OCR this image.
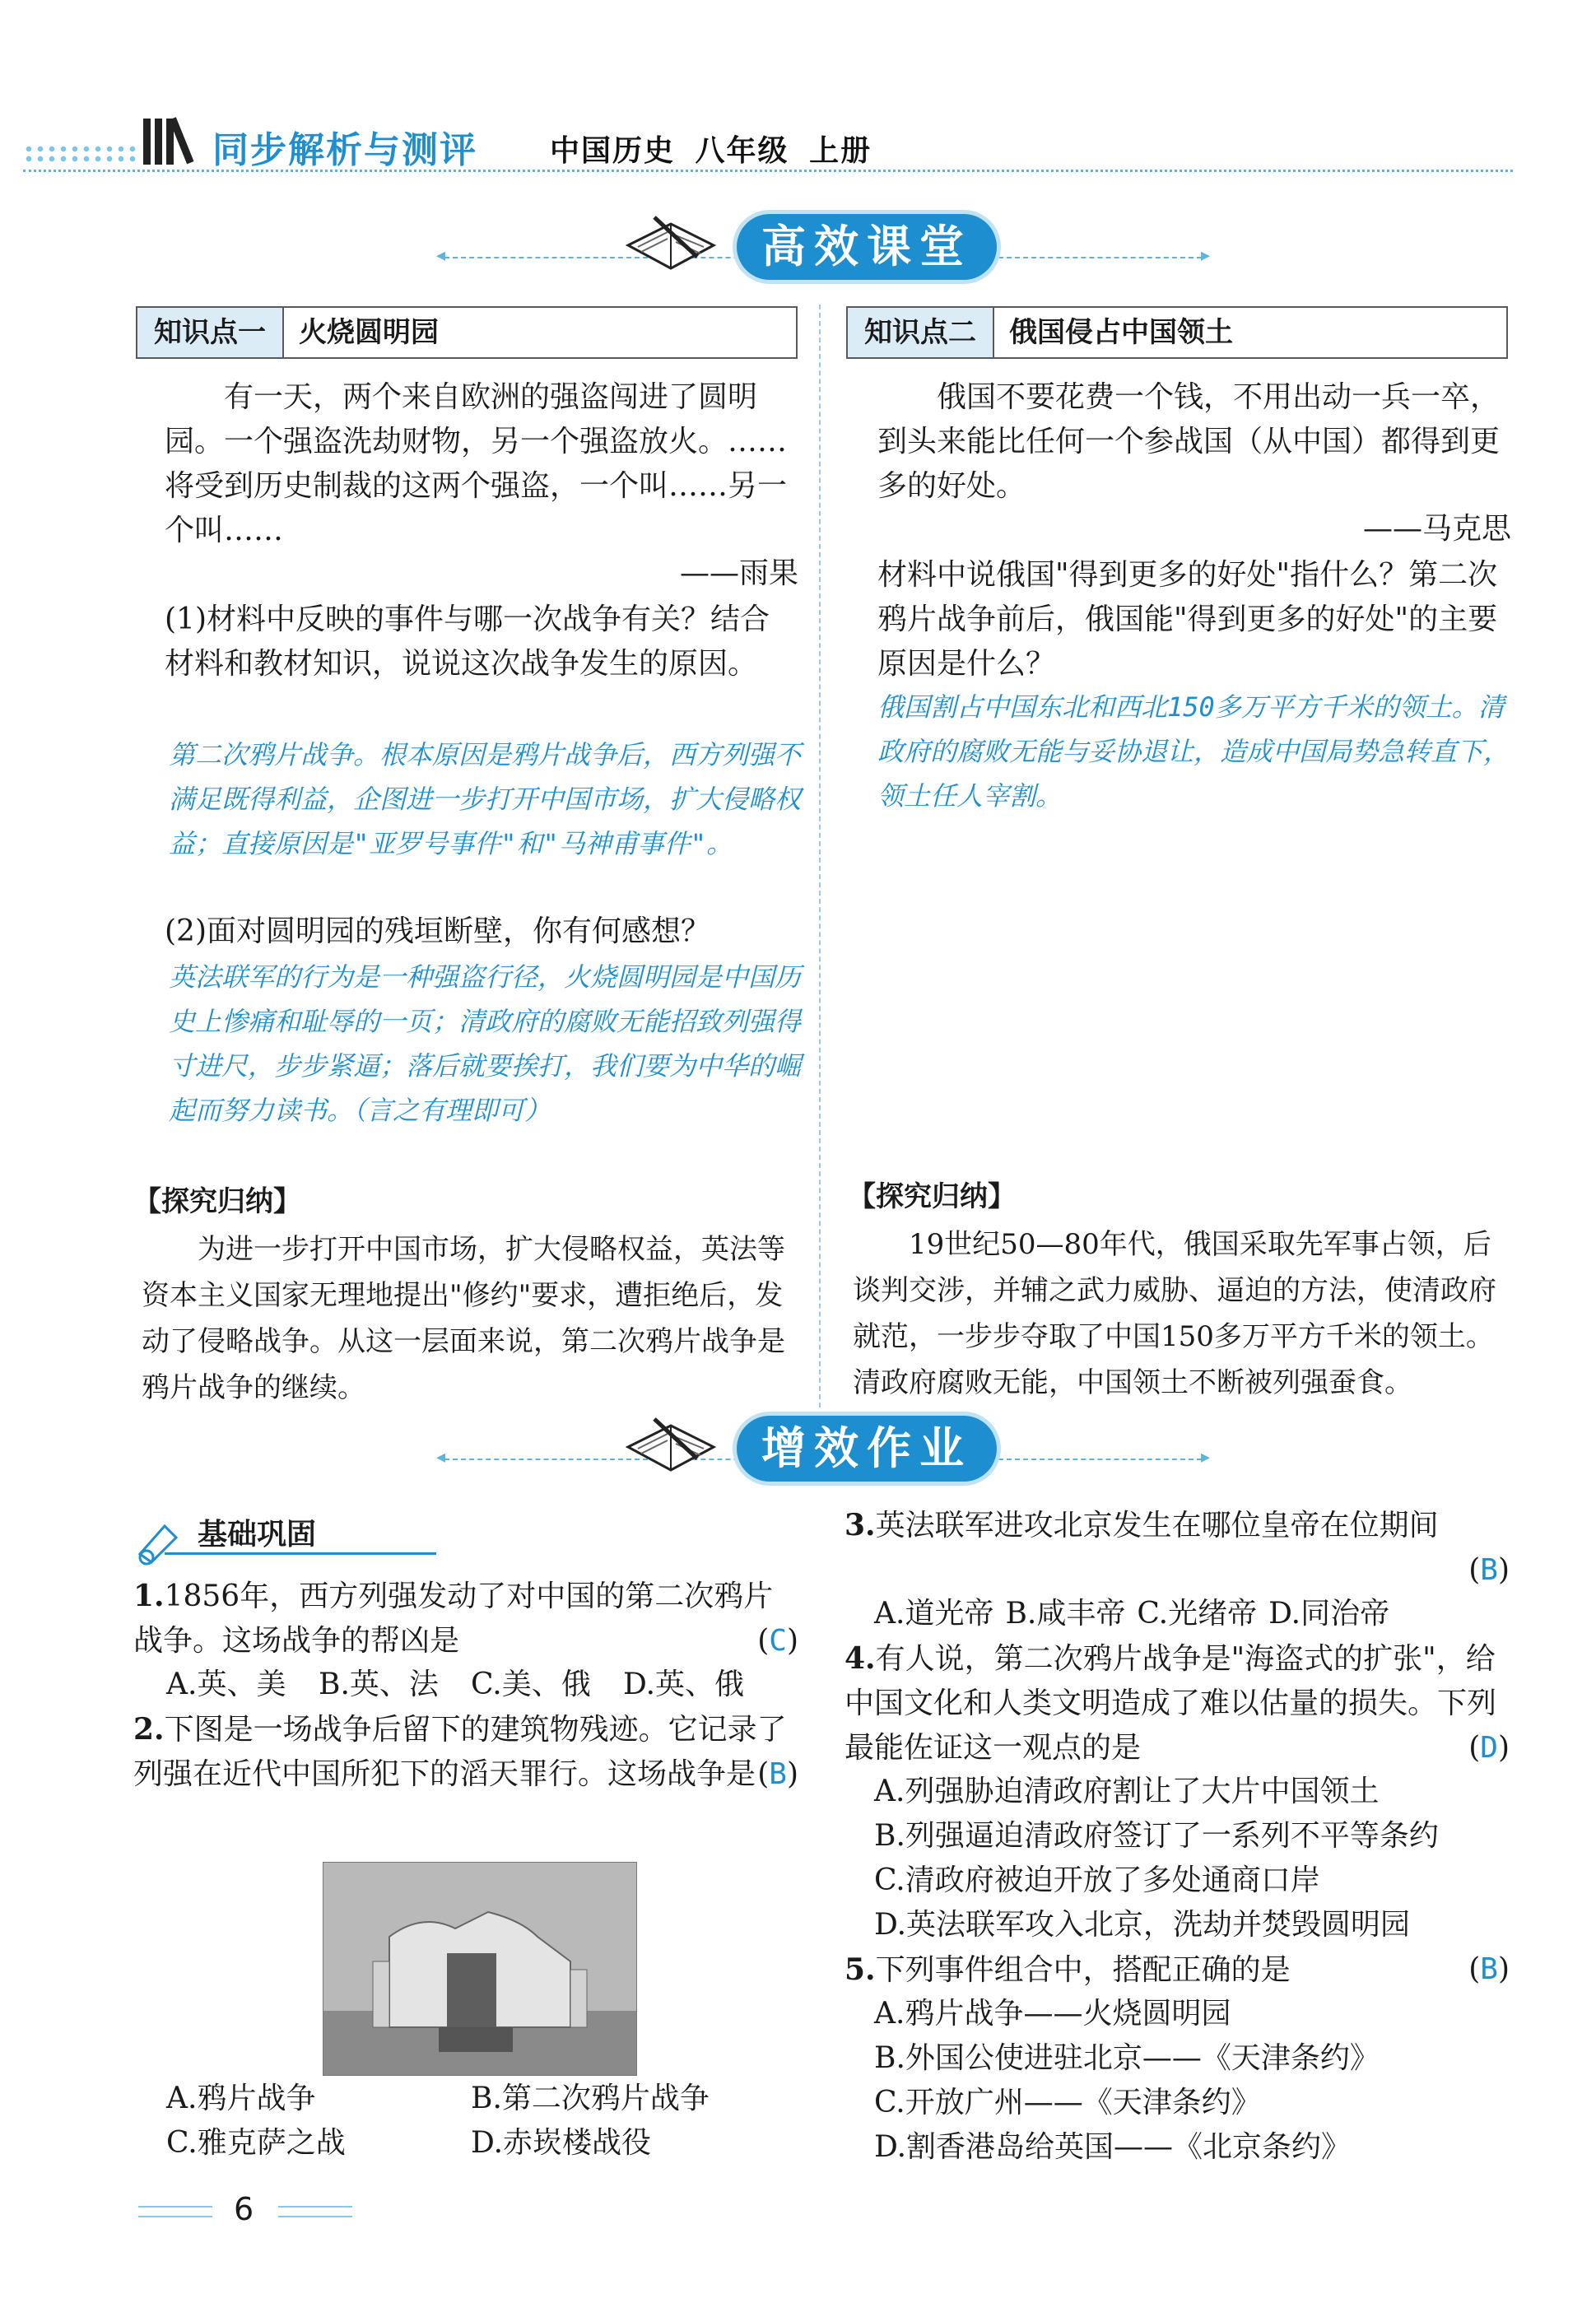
同步解析与测评 中国历史 八年级 上册
◂ ▸
高效课堂
知识点一	火烧圆明园
有一天，两个来自欧洲的强盗闯进了圆明园。一个强盗洗劫财物，另一个强盗放火。……将受到历史制裁的这两个强盗，一个叫……另一个叫……
——雨果
(1)材料中反映的事件与哪一次战争有关？结合材料和教材知识，说说这次战争发生的原因。
第二次鸦片战争。根本原因是鸦片战争后，西方列强不满足既得利益，企图进一步打开中国市场，扩大侵略权益；直接原因是"亚罗号事件"和"马神甫事件"。
(2)面对圆明园的残垣断壁，你有何感想？
英法联军的行为是一种强盗行径，火烧圆明园是中国历史上惨痛和耻辱的一页；清政府的腐败无能招致列强得寸进尺，步步紧逼；落后就要挨打，我们要为中华的崛起而努力读书。（言之有理即可）
【探究归纳】
为进一步打开中国市场，扩大侵略权益，英法等资本主义国家无理地提出"修约"要求，遭拒绝后，发动了侵略战争。从这一层面来说，第二次鸦片战争是鸦片战争的继续。
知识点二	俄国侵占中国领土
俄国不要花费一个钱，不用出动一兵一卒，到头来能比任何一个参战国（从中国）都得到更多的好处。
——马克思
材料中说俄国"得到更多的好处"指什么？第二次鸦片战争前后，俄国能"得到更多的好处"的主要原因是什么？
俄国割占中国东北和西北150多万平方千米的领土。清政府的腐败无能与妥协退让，造成中国局势急转直下，领土任人宰割。
【探究归纳】
19世纪50—80年代，俄国采取先军事占领，后谈判交涉，并辅之武力威胁、逼迫的方法，使清政府就范，一步步夺取了中国150多万平方千米的领土。清政府腐败无能，中国领土不断被列强蚕食。
◂ ▸
增效作业
基础巩固
1.1856年，西方列强发动了对中国的第二次鸦片战争。这场战争的帮凶是	(C)
A.英、美	B.英、法	C.美、俄	D.英、俄
2.下图是一场战争后留下的建筑物残迹。它记录了列强在近代中国所犯下的滔天罪行。这场战争是 (B)
A.鸦片战争	B.第二次鸦片战争
C.雅克萨之战	D.赤崁楼战役
3.英法联军进攻北京发生在哪位皇帝在位期间
(B)
A.道光帝 B.咸丰帝 C.光绪帝 D.同治帝
4.有人说，第二次鸦片战争是"海盗式的扩张"，给中国文化和人类文明造成了难以估量的损失。下列最能佐证这一观点的是	(D)
A.列强胁迫清政府割让了大片中国领土
B.列强逼迫清政府签订了一系列不平等条约
C.清政府被迫开放了多处通商口岸
D.英法联军攻入北京，洗劫并焚毁圆明园
5.下列事件组合中，搭配正确的是	(B)
A.鸦片战争——火烧圆明园
B.外国公使进驻北京——《天津条约》
C.开放广州——《天津条约》
D.割香港岛给英国——《北京条约》
6
